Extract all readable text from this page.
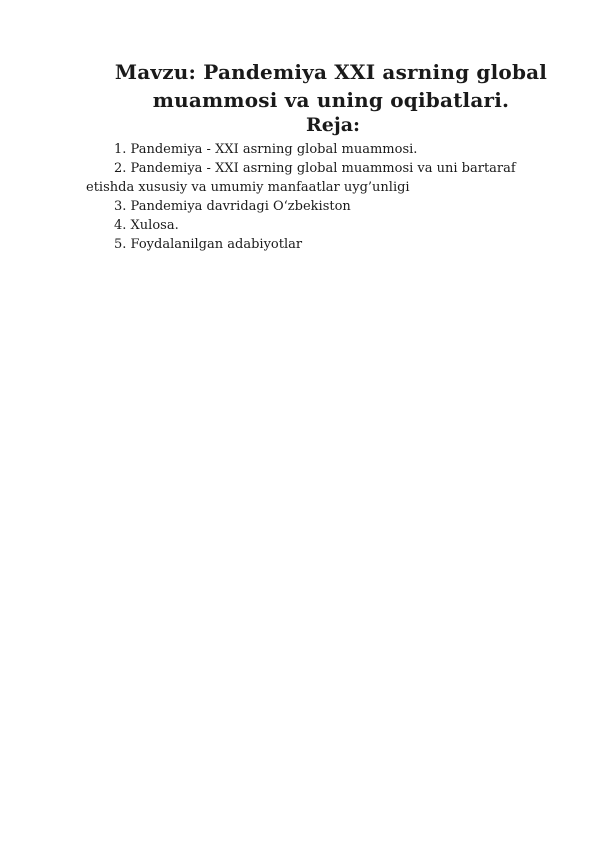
Mavzu: Pandemiya XXI asrning global
muammosi va uning oqibatlari.
Reja:
1. Pandemiya - XXI asrning global muammosi.
2. Pandemiya - XXI asrning global muammosi va uni bartaraf
etishda xususiy va umumiy manfaatlar uyg’unligi
3. Pandemiya davridagi O‘zbekiston
4. Xulosa.
5. Foydalanilgan adabiyotlar
